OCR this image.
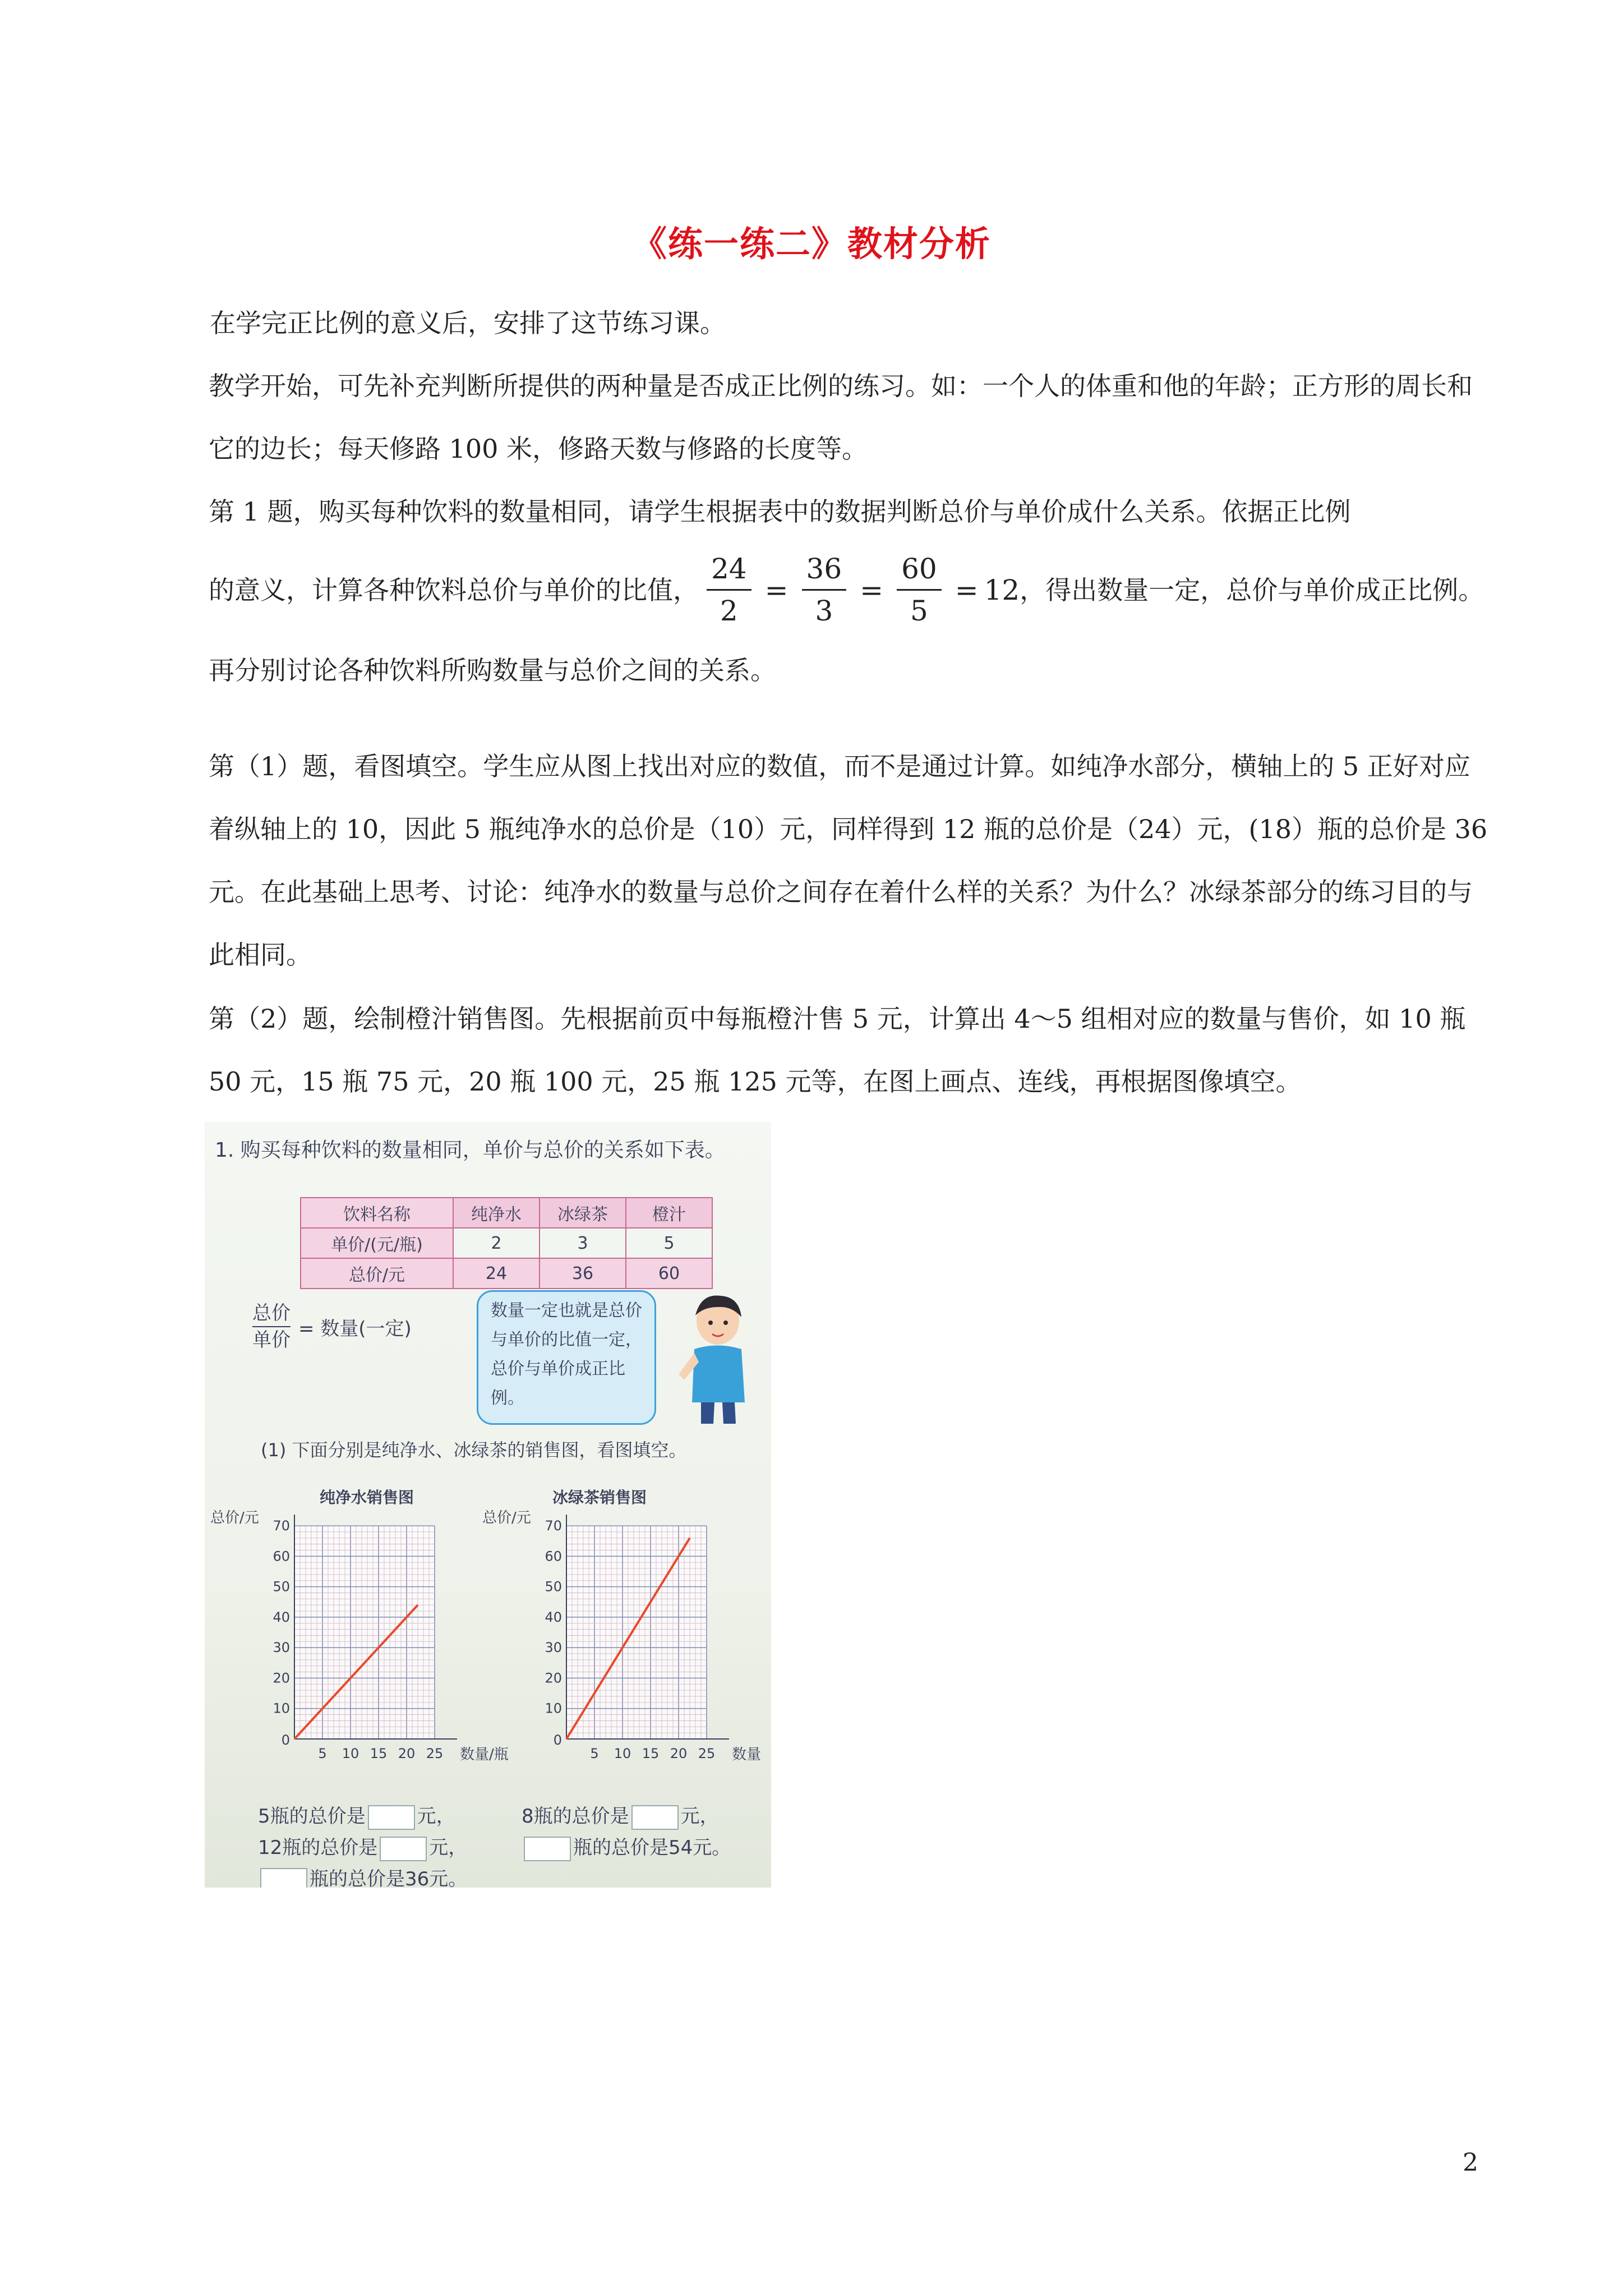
《练一练二》教材分析
在学完正比例的意义后，安排了这节练习课。
教学开始，可先补充判断所提供的两种量是否成正比例的练习。如：一个人的体重和他的年龄；正方形的周长和它的边长；每天修路 100 米，修路天数与修路的长度等。
第 1 题，购买每种饮料的数量相同，请学生根据表中的数据判断总价与单价成什么关系。依据正比例
的意义，计算各种饮料总价与单价的比值， $\frac{24}{2} = \frac{36}{3} = \frac{60}{5} = 12$ ，得出数量一定，总价与单价成正比例。
再分别讨论各种饮料所购数量与总价之间的关系。
第（1）题，看图填空。学生应从图上找出对应的数值，而不是通过计算。如纯净水部分，横轴上的 5 正好对应着纵轴上的 10，因此 5 瓶纯净水的总价是（10）元，同样得到 12 瓶的总价是（24）元，(18）瓶的总价是 36 元。在此基础上思考、讨论：纯净水的数量与总价之间存在着什么样的关系？为什么？冰绿茶部分的练习目的与此相同。
第（2）题，绘制橙汁销售图。先根据前页中每瓶橙汁售 5 元，计算出 4～5 组相对应的数量与售价，如 10 瓶 50 元，15 瓶 75 元，20 瓶 100 元，25 瓶 125 元等，在图上画点、连线，再根据图像填空。
1. 购买每种饮料的数量相同，单价与总价的关系如下表。
饮料名称	纯净水	冰绿茶	橙汁
单价/(元/瓶)	2	3	5
总价/元	24	36	60
总价
单价
= 数量(一定)
数量一定也就是总价与单价的比值一定，总价与单价成正比例。
(1) 下面分别是纯净水、冰绿茶的销售图，看图填空。
纯净水销售图	冰绿茶销售图
总价/元
10
20
30
40
50
60
70
0
5 10 15 20 25 数量/瓶
总价/元
10
20
30
40
50
60
70
0
5 10 15 20 25 数量
5瓶的总价是	元，	8瓶的总价是	元，
12瓶的总价是	元，	瓶的总价是54元。
瓶的总价是36元。
2
